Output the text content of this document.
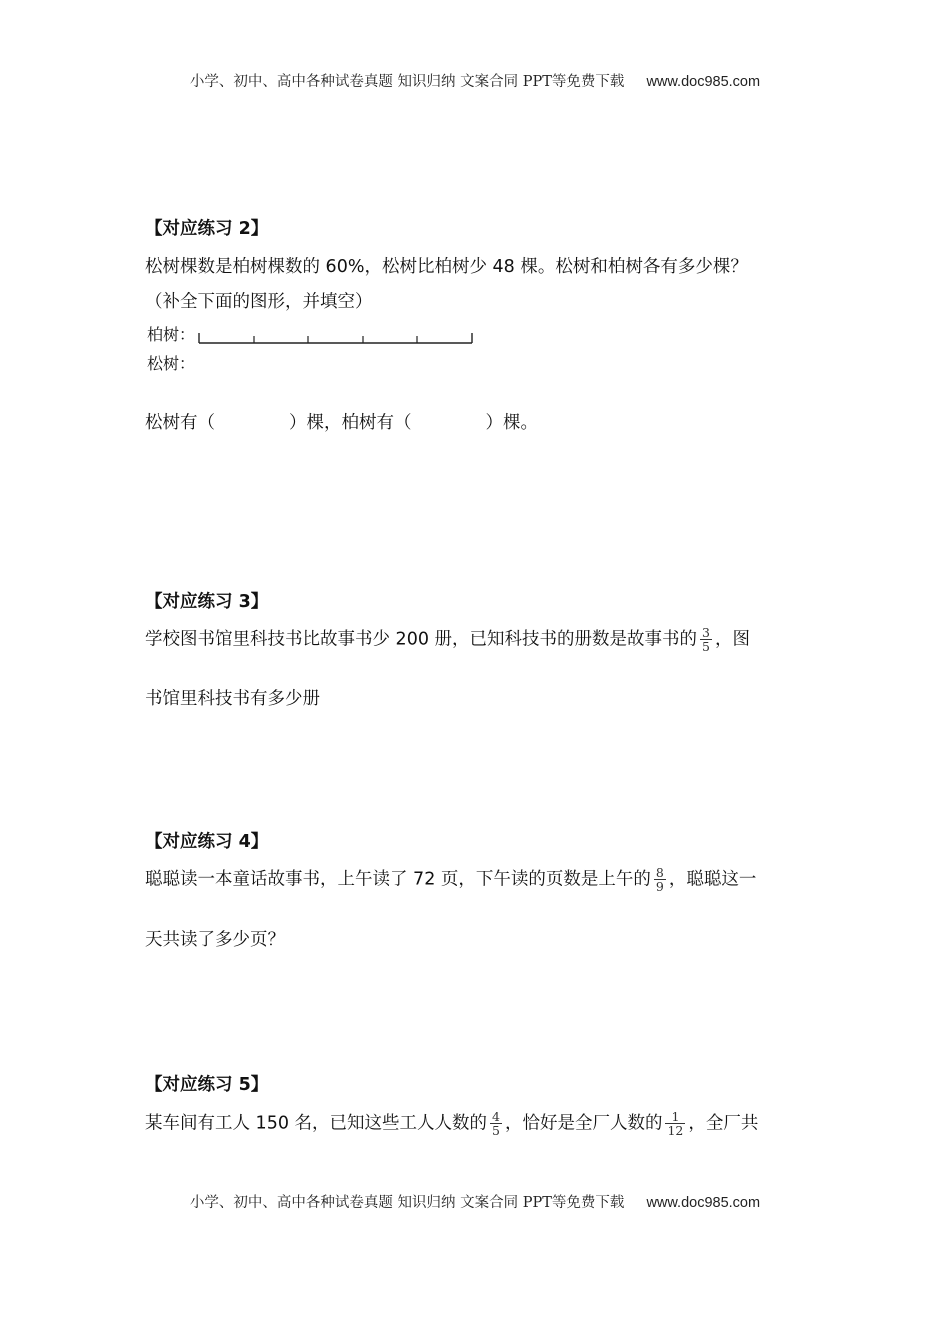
小学、初中、高中各种试卷真题 知识归纳 文案合同 PPT等免费下载 www.doc985.com
【对应练习 2】
松树棵数是柏树棵数的 60%，松树比柏树少 48 棵。松树和柏树各有多少棵？
（补全下面的图形，并填空）
柏树：
松树：
松树有（	）棵，柏树有（	）棵。
【对应练习 3】
学校图书馆里科技书比故事书少 200 册，已知科技书的册数是故事书的 $\frac{3}{5}$ ，图
书馆里科技书有多少册
【对应练习 4】
聪聪读一本童话故事书，上午读了 72 页，下午读的页数是上午的 $\frac{8}{9}$ ，聪聪这一
天共读了多少页？
【对应练习 5】
某车间有工人 150 名，已知这些工人人数的 $\frac{4}{5}$ ，恰好是全厂人数的 $\frac{1}{12}$ ，全厂共
小学、初中、高中各种试卷真题 知识归纳 文案合同 PPT等免费下载 www.doc985.com
